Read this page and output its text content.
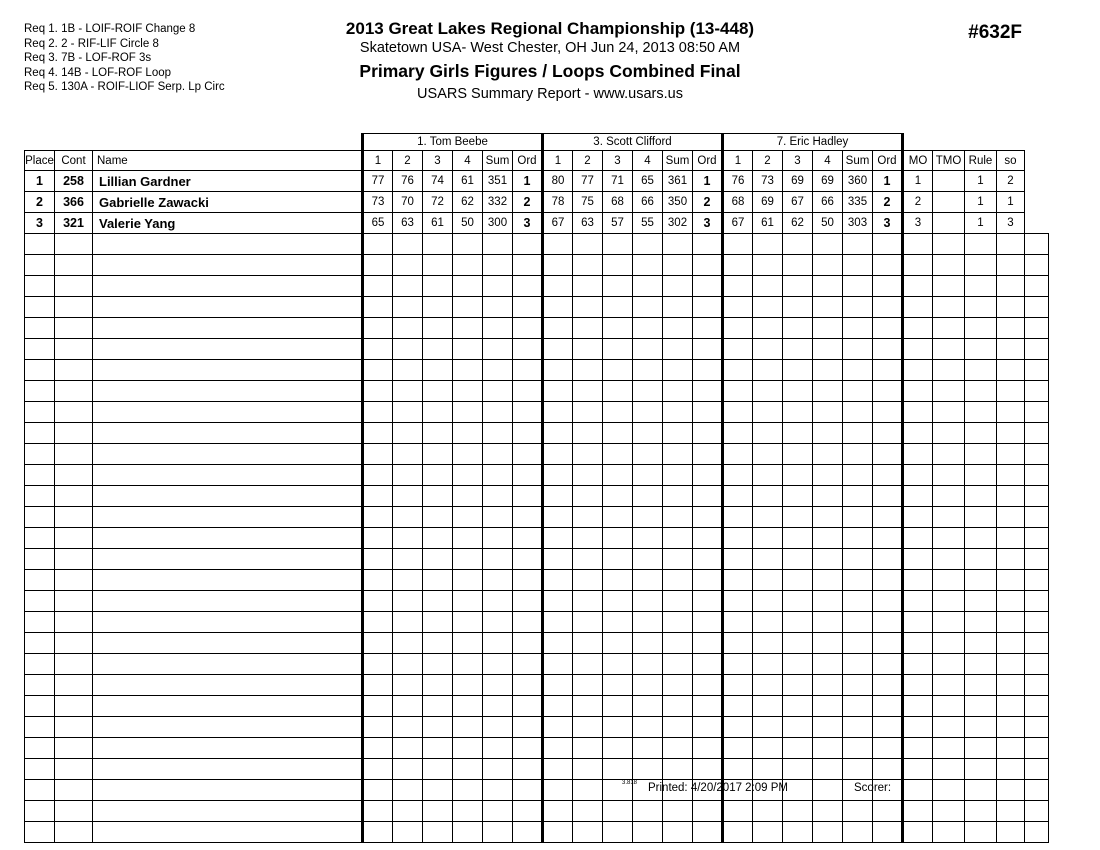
Req 1. 1B - LOIF-ROIF Change 8
Req 2. 2 - RIF-LIF Circle 8
Req 3. 7B - LOF-ROF 3s
Req 4. 14B - LOF-ROF Loop
Req 5. 130A - ROIF-LIOF Serp. Lp Circ
2013 Great Lakes Regional Championship (13-448)
Skatetown USA- West Chester, OH Jun 24, 2013 08:50 AM
Primary Girls Figures / Loops Combined Final
USARS Summary Report - www.usars.us
#632F
			1. Tom Beebe						3. Scott Clifford						7. Eric Hadley										
Place	Cont	Name	1	2	3	4	Sum	Ord	1	2	3	4	Sum	Ord	1	2	3	4	Sum	Ord	MO	TMO	Rule	so	
1	258	Lillian Gardner	77	76	74	61	351	1	80	77	71	65	361	1	76	73	69	69	360	1	1		1	2	
2	366	Gabrielle Zawacki	73	70	72	62	332	2	78	75	68	66	350	2	68	69	67	66	335	2	2		1	1	
3	321	Valerie Yang	65	63	61	50	300	3	67	63	57	55	302	3	67	61	62	50	303	3	3		1	3	

3.818 Printed: 4/20/2017 2:09 PM	Scorer:
